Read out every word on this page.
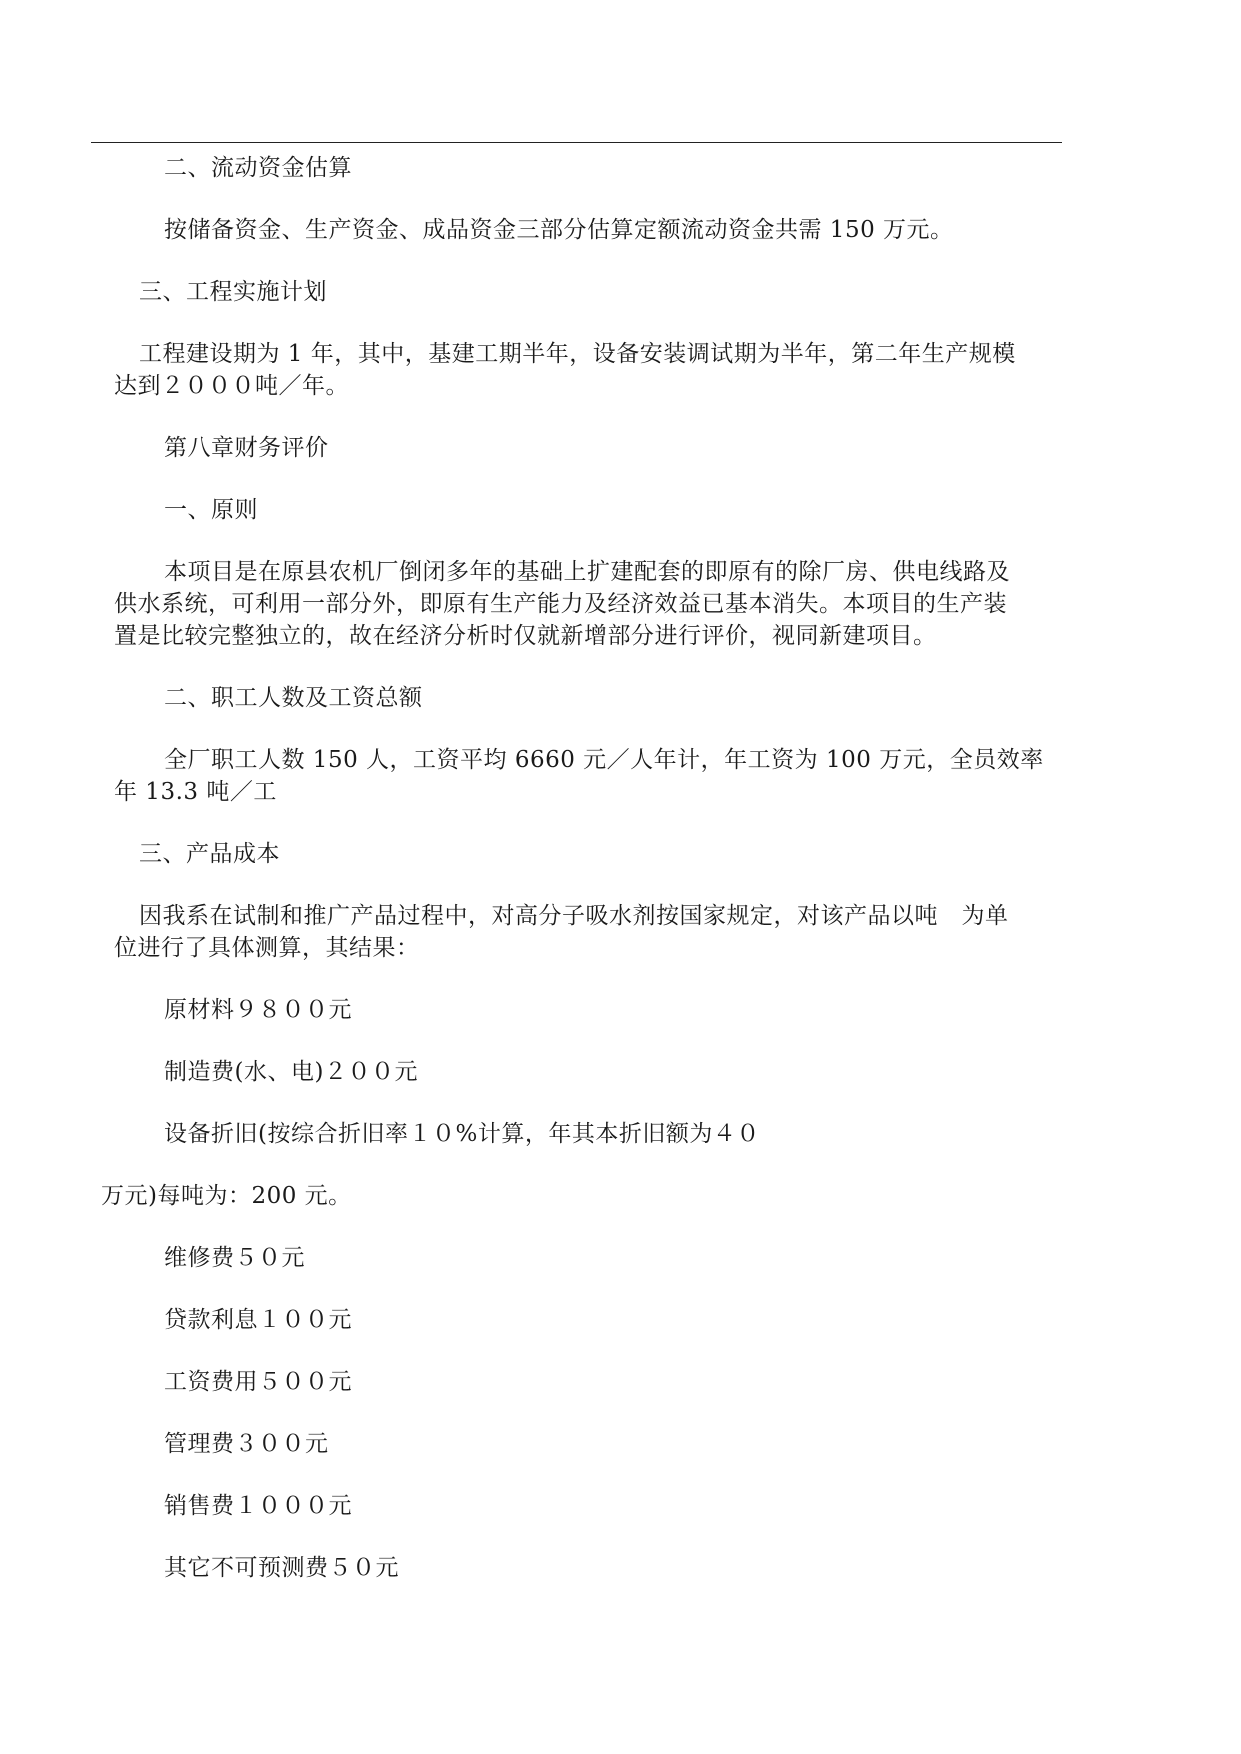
二、流动资金估算
按储备资金、生产资金、成品资金三部分估算定额流动资金共需 150 万元。
三、工程实施计划
工程建设期为 1 年，其中，基建工期半年，设备安装调试期为半年，第二年生产规模
达到２０００吨／年。
第八章财务评价
一、原则
本项目是在原县农机厂倒闭多年的基础上扩建配套的即原有的除厂房、供电线路及
供水系统，可利用一部分外，即原有生产能力及经济效益已基本消失。本项目的生产装
置是比较完整独立的，故在经济分析时仅就新增部分进行评价，视同新建项目。
二、职工人数及工资总额
全厂职工人数 150 人，工资平均 6660 元／人年计，年工资为 100 万元，全员效率
年 13.3 吨／工
三、产品成本
因我系在试制和推广产品过程中，对高分子吸水剂按国家规定，对该产品以吨　为单
位进行了具体测算，其结果：
原材料９８００元
制造费(水、电)２００元
设备折旧(按综合折旧率１０%计算，年其本折旧额为４０
万元)每吨为：200 元。
维修费５０元
贷款利息１００元
工资费用５００元
管理费３００元
销售费１０００元
其它不可预测费５０元
